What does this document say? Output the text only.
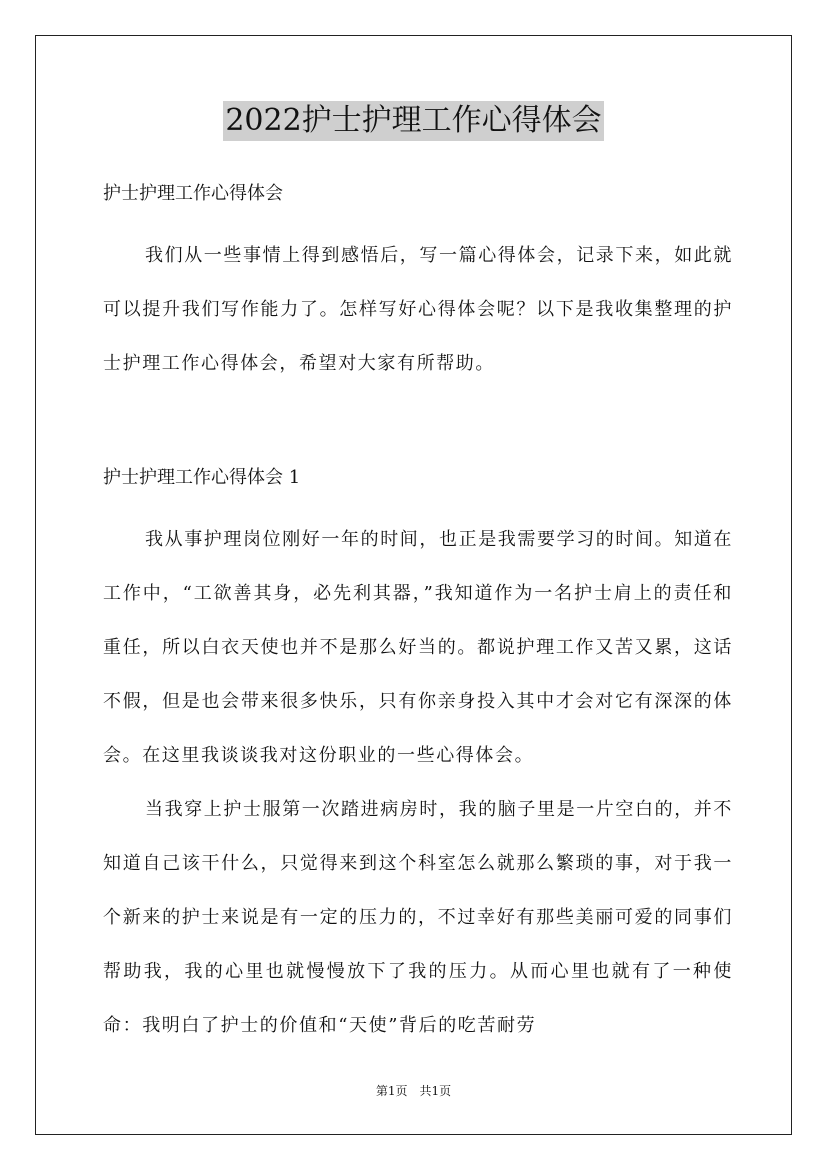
2022护士护理工作心得体会

护士护理工作心得体会

我们从一些事情上得到感悟后，写一篇心得体会，记录下来，如此就可以提升我们写作能力了。怎样写好心得体会呢？以下是我收集整理的护士护理工作心得体会，希望对大家有所帮助。

护士护理工作心得体会 1

我从事护理岗位刚好一年的时间，也正是我需要学习的时间。知道在工作中，“工欲善其身，必先利其器，”我知道作为一名护士肩上的责任和重任，所以白衣天使也并不是那么好当的。都说护理工作又苦又累，这话不假，但是也会带来很多快乐，只有你亲身投入其中才会对它有深深的体会。在这里我谈谈我对这份职业的一些心得体会。

当我穿上护士服第一次踏进病房时，我的脑子里是一片空白的，并不知道自己该干什么，只觉得来到这个科室怎么就那么繁琐的事，对于我一个新来的护士来说是有一定的压力的，不过幸好有那些美丽可爱的同事们帮助我，我的心里也就慢慢放下了我的压力。从而心里也就有了一种使命：我明白了护士的价值和“天使”背后的吃苦耐劳

第1页　共1页
